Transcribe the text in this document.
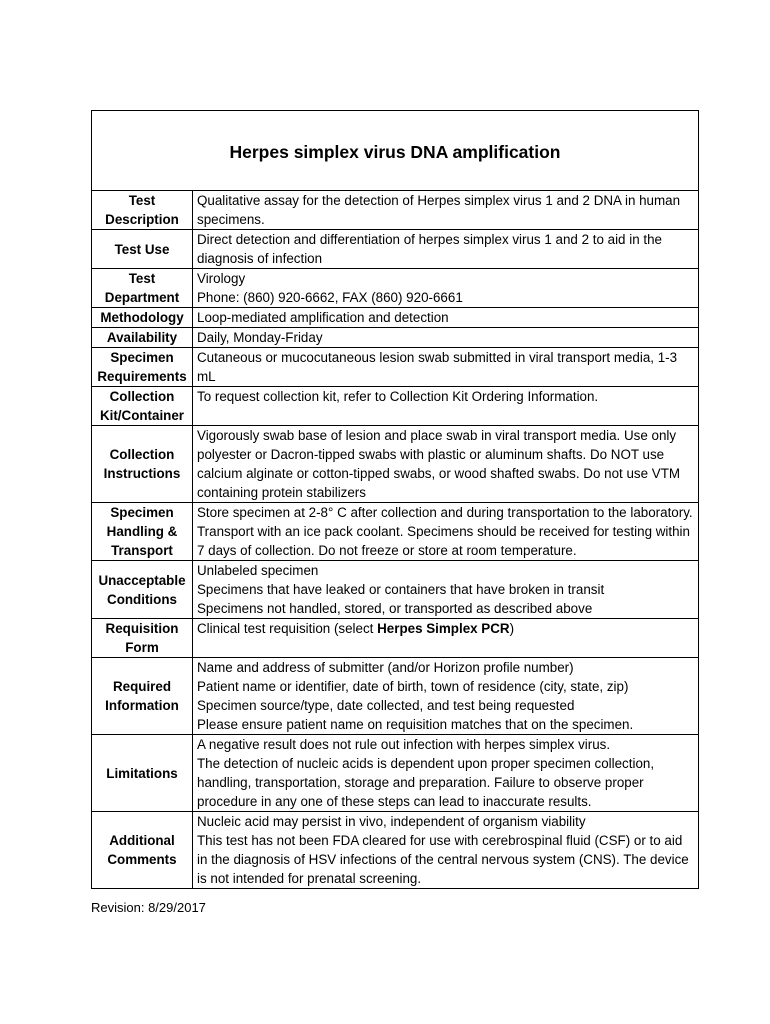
Herpes simplex virus DNA amplification	
Test Description	Qualitative assay for the detection of Herpes simplex virus 1 and 2 DNA in human specimens.

Test Use	Direct detection and differentiation of herpes simplex virus 1 and 2 to aid in the diagnosis of infection

Test Department	Virology
Phone: (860) 920-6662, FAX (860) 920-6661

Methodology	Loop-mediated amplification and detection

Availability	Daily, Monday-Friday

Specimen Requirements	Cutaneous or mucocutaneous lesion swab submitted in viral transport media, 1-3 mL

Collection Kit/Container	To request collection kit, refer to Collection Kit Ordering Information.

Collection Instructions	Vigorously swab base of lesion and place swab in viral transport media. Use only polyester or Dacron-tipped swabs with plastic or aluminum shafts. Do NOT use calcium alginate or cotton-tipped swabs, or wood shafted swabs. Do not use VTM containing protein stabilizers

Specimen Handling & Transport	Store specimen at 2-8° C after collection and during transportation to the laboratory. Transport with an ice pack coolant. Specimens should be received for testing within 7 days of collection. Do not freeze or store at room temperature.

Unacceptable Conditions	Unlabeled specimen
Specimens that have leaked or containers that have broken in transit
Specimens not handled, stored, or transported as described above

Requisition Form	Clinical test requisition (select Herpes Simplex PCR)
Required Information	Name and address of submitter (and/or Horizon profile number)
Patient name or identifier, date of birth, town of residence (city, state, zip)
Specimen source/type, date collected, and test being requested
Please ensure patient name on requisition matches that on the specimen.

Limitations	A negative result does not rule out infection with herpes simplex virus.
The detection of nucleic acids is dependent upon proper specimen collection, handling, transportation, storage and preparation. Failure to observe proper procedure in any one of these steps can lead to inaccurate results.

Additional Comments	Nucleic acid may persist in vivo, independent of organism viability
This test has not been FDA cleared for use with cerebrospinal fluid (CSF) or to aid in the diagnosis of HSV infections of the central nervous system (CNS). The device is not intended for prenatal screening.
Revision: 8/29/2017
